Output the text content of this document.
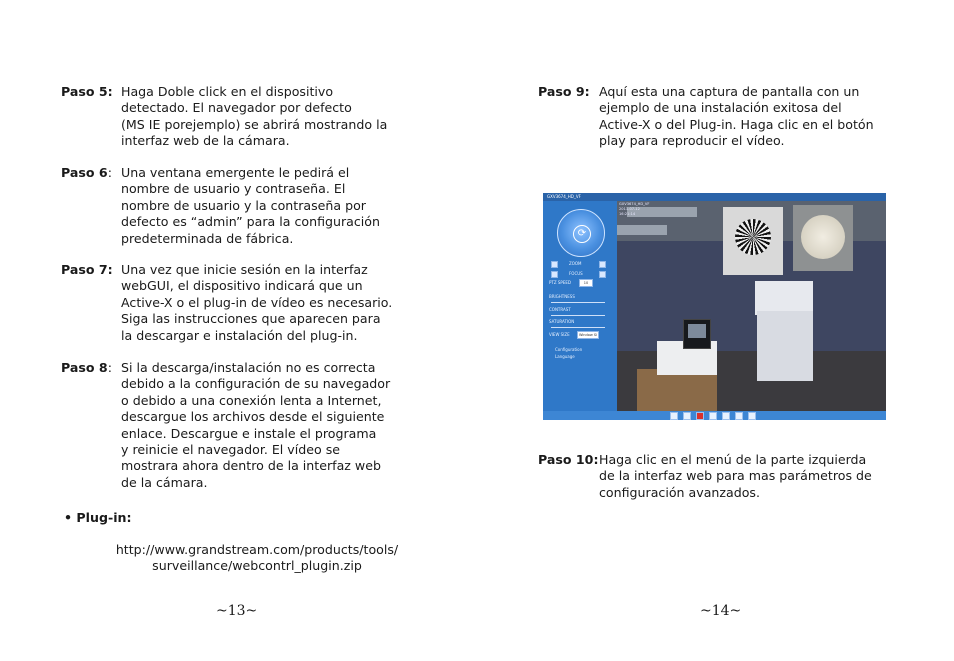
Paso 5: Haga Doble click en el dispositivo
detectado. El navegador por defecto
(MS IE porejemplo) se abrirá mostrando la
interfaz web de la cámara.
Paso 6: Una ventana emergente le pedirá el
nombre de usuario y contraseña. El
nombre de usuario y la contraseña por
defecto es “admin” para la configuración
predeterminada de fábrica.
Paso 7: Una vez que inicie sesión en la interfaz
webGUI, el dispositivo indicará que un
Active-X o el plug-in de vídeo es necesario.
Siga las instrucciones que aparecen para
la descargar e instalación del plug-in.
Paso 8: Si la descarga/instalación no es correcta
debido a la configuración de su navegador
o debido a una conexión lenta a Internet,
descargue los archivos desde el siguiente
enlace. Descargue e instale el programa
y reinicie el navegador. El vídeo se
mostrara ahora dentro de la interfaz web
de la cámara.
• Plug-in:
http://www.grandstream.com/products/tools/
surveillance/webcontrl_plugin.zip
~13~
Paso 9: Aquí esta una captura de pantalla con un
ejemplo de una instalación exitosa del
Active-X o del Plug-in. Haga clic en el botón
play para reproducir el vídeo.
GXV3674_HD_VF
⟳
ZOOM
FOCUS
PTZ SPEED	10
BRIGHTNESS
CONTRAST
SATURATION
VIEW SIZE	Window Si
Configuration
Language
GXV3674_HD_VF
2011-07-12
16:21:14
Paso 10: Haga clic en el menú de la parte izquierda
de la interfaz web para mas parámetros de
configuración avanzados.
~14~
